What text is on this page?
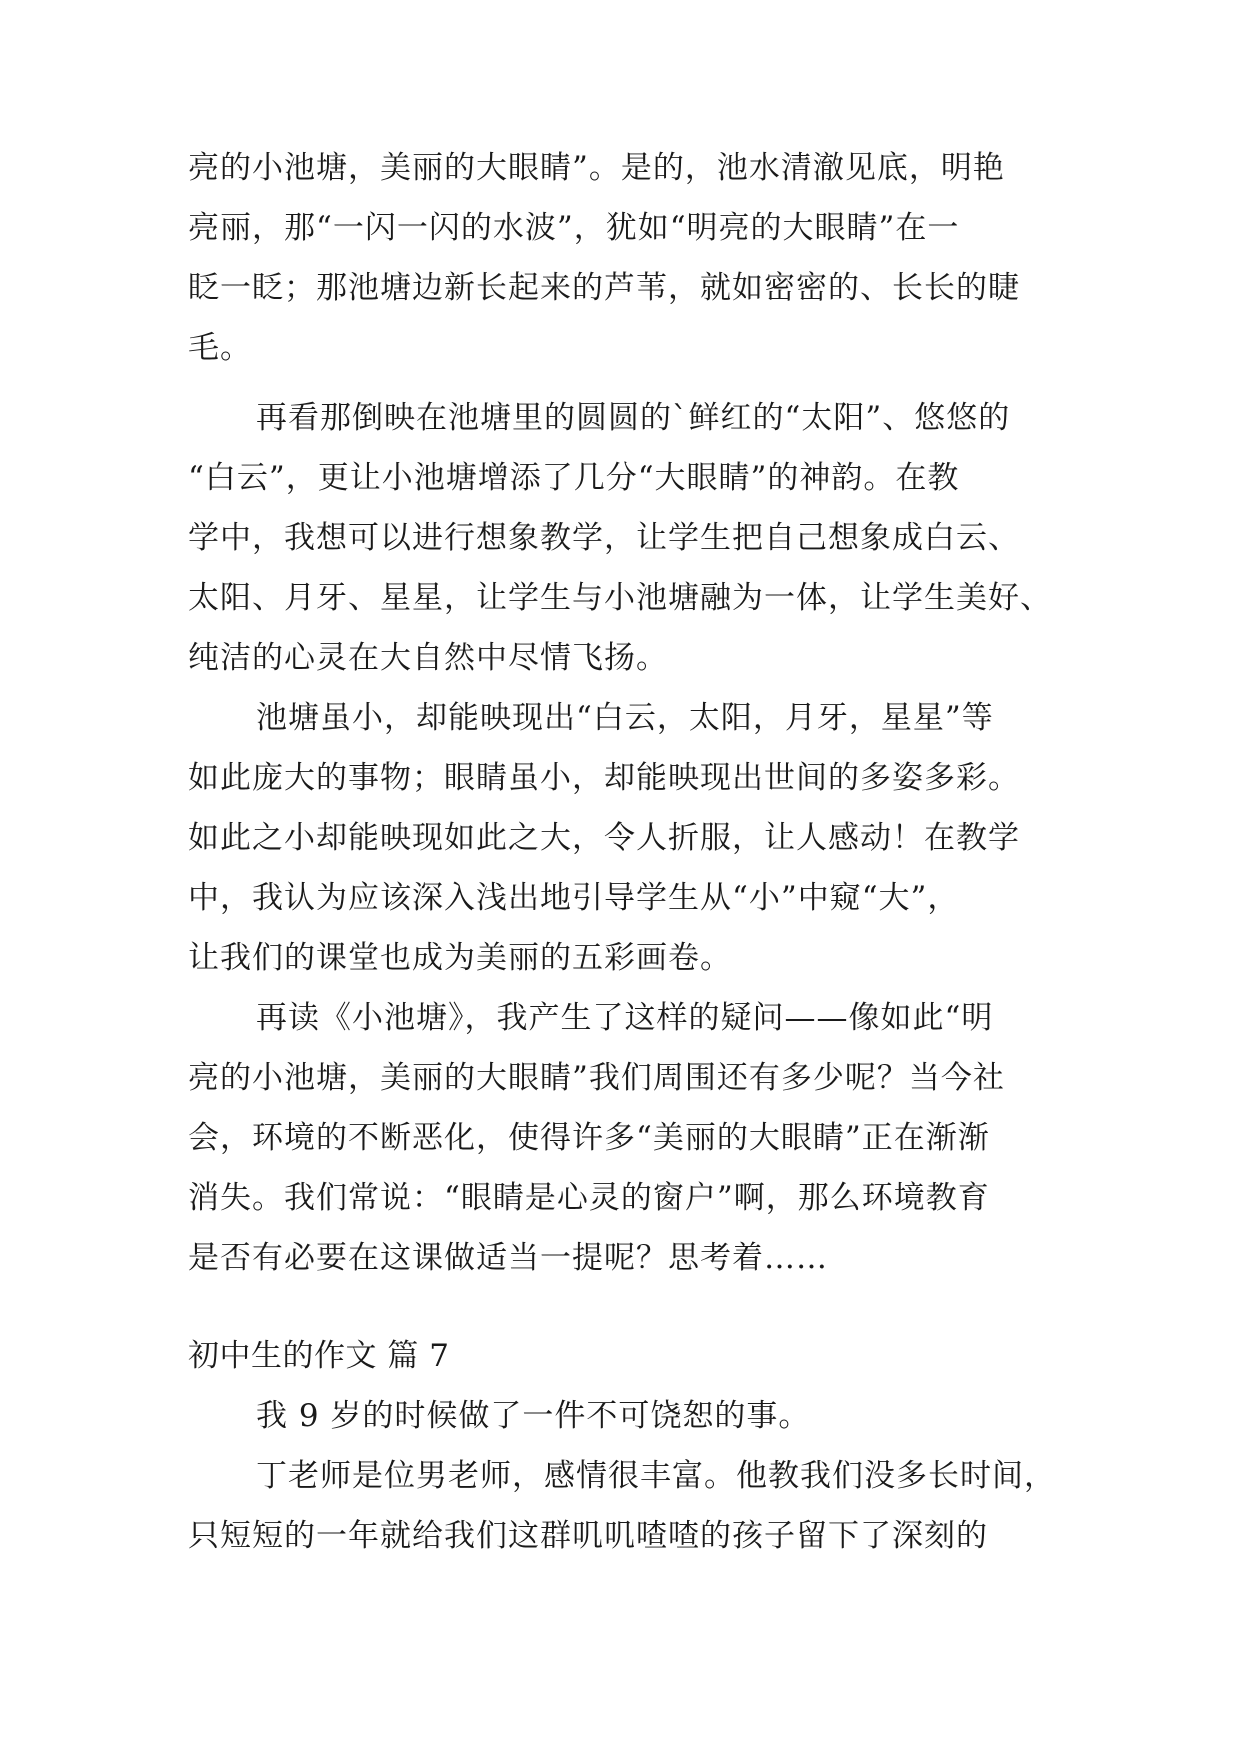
亮的小池塘，美丽的大眼睛”。是的，池水清澈见底，明艳
亮丽，那“一闪一闪的水波”，犹如“明亮的大眼睛”在一
眨一眨；那池塘边新长起来的芦苇，就如密密的、长长的睫
毛。
再看那倒映在池塘里的圆圆的`鲜红的“太阳”、悠悠的
“白云”，更让小池塘增添了几分“大眼睛”的神韵。在教
学中，我想可以进行想象教学，让学生把自己想象成白云、
太阳、月牙、星星，让学生与小池塘融为一体，让学生美好、
纯洁的心灵在大自然中尽情飞扬。
池塘虽小，却能映现出“白云，太阳，月牙，星星”等
如此庞大的事物；眼睛虽小，却能映现出世间的多姿多彩。
如此之小却能映现如此之大，令人折服，让人感动！在教学
中，我认为应该深入浅出地引导学生从“小”中窥“大”，
让我们的课堂也成为美丽的五彩画卷。
再读《小池塘》，我产生了这样的疑问——像如此“明
亮的小池塘，美丽的大眼睛”我们周围还有多少呢？当今社
会，环境的不断恶化，使得许多“美丽的大眼睛”正在渐渐
消失。我们常说：“眼睛是心灵的窗户”啊，那么环境教育
是否有必要在这课做适当一提呢？思考着……
初中生的作文 篇 7
我 9 岁的时候做了一件不可饶恕的事。
丁老师是位男老师，感情很丰富。他教我们没多长时间，
只短短的一年就给我们这群叽叽喳喳的孩子留下了深刻的
